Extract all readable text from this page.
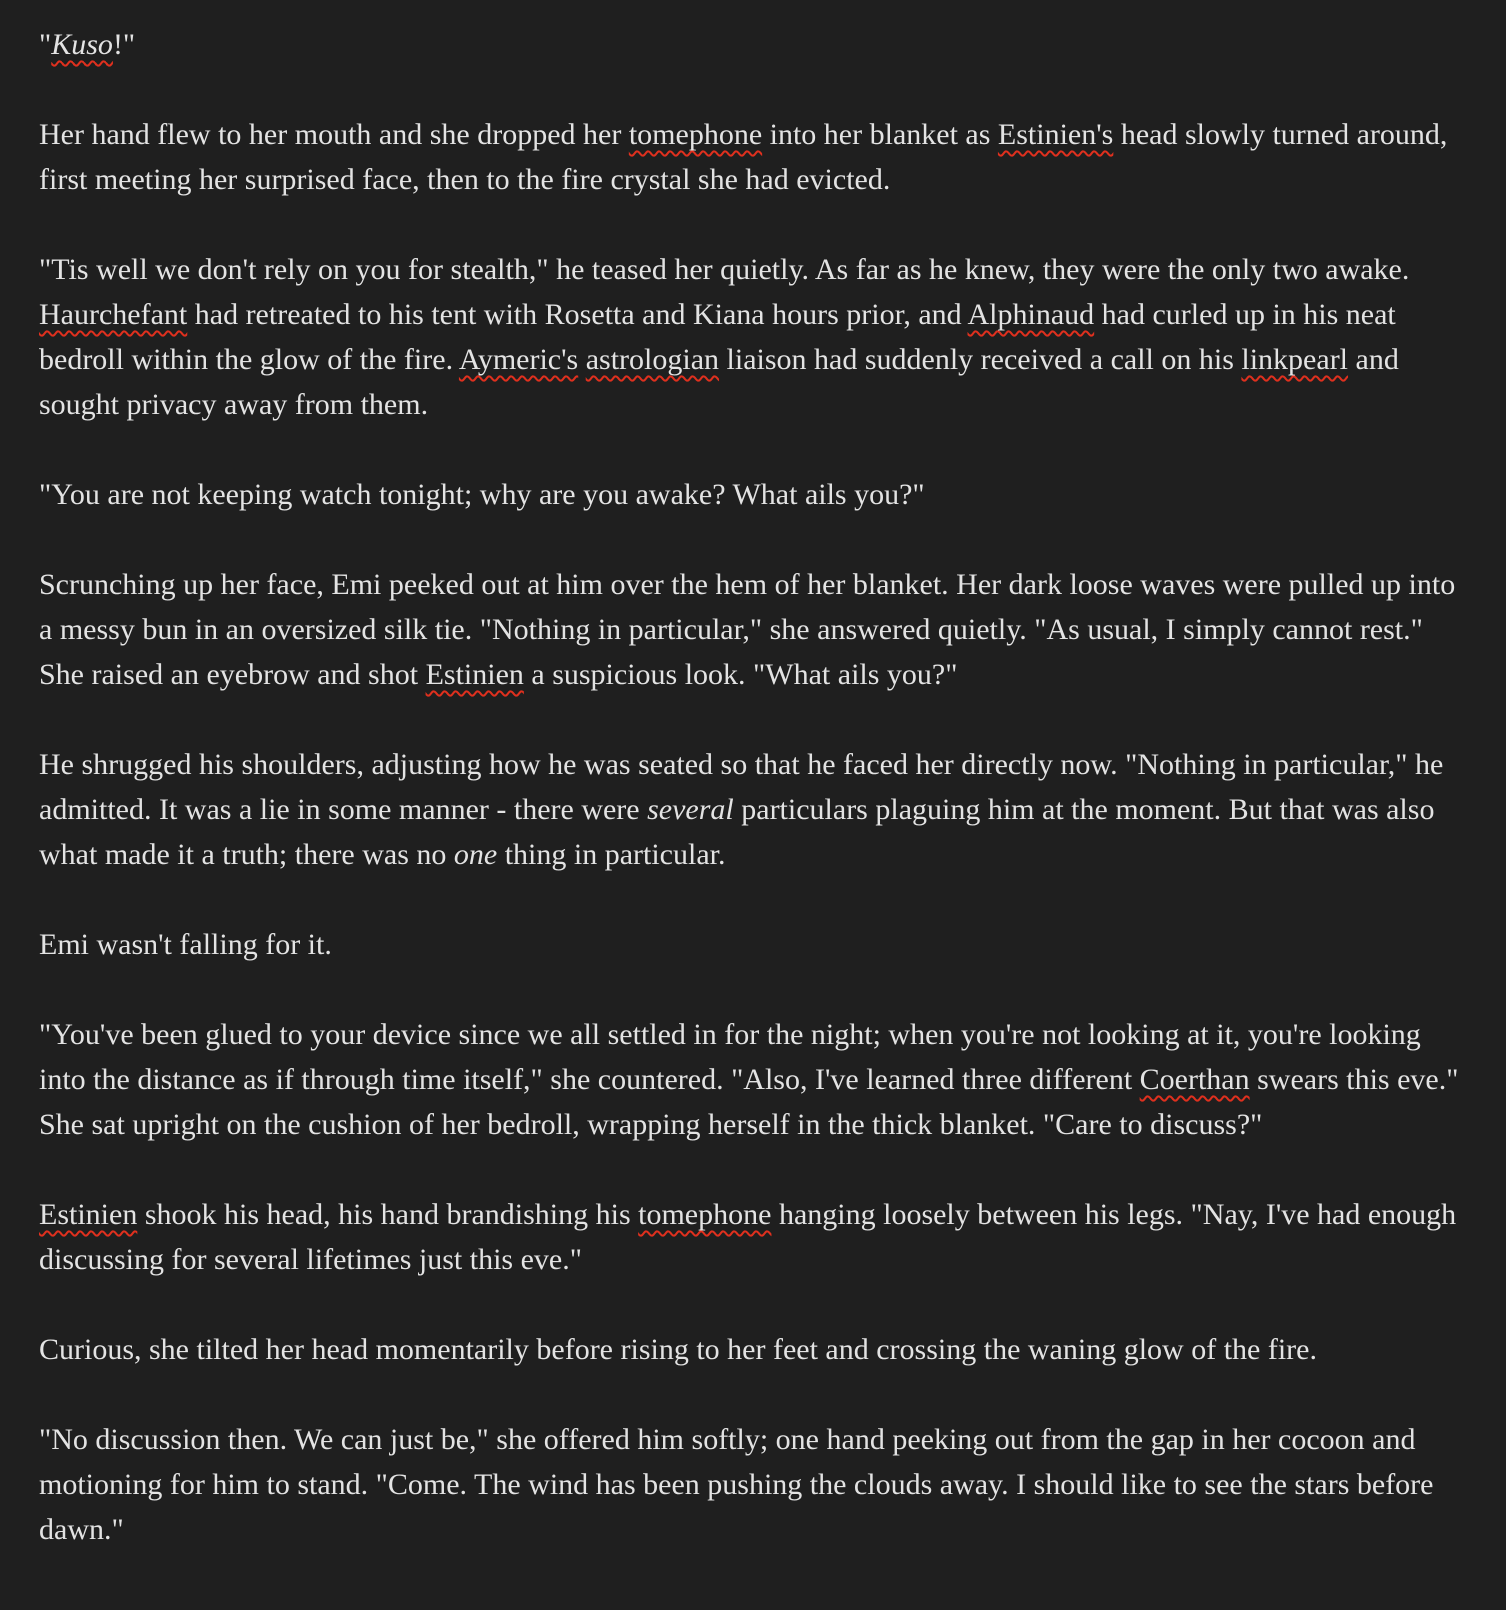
"Kuso!"

Her hand flew to her mouth and she dropped her tomephone into her blanket as Estinien's head slowly turned around, first meeting her surprised face, then to the fire crystal she had evicted.

"Tis well we don't rely on you for stealth," he teased her quietly. As far as he knew, they were the only two awake. Haurchefant had retreated to his tent with Rosetta and Kiana hours prior, and Alphinaud had curled up in his neat bedroll within the glow of the fire. Aymeric's astrologian liaison had suddenly received a call on his linkpearl and sought privacy away from them.

"You are not keeping watch tonight; why are you awake? What ails you?"

Scrunching up her face, Emi peeked out at him over the hem of her blanket. Her dark loose waves were pulled up into a messy bun in an oversized silk tie. "Nothing in particular," she answered quietly. "As usual, I simply cannot rest." She raised an eyebrow and shot Estinien a suspicious look. "What ails you?"

He shrugged his shoulders, adjusting how he was seated so that he faced her directly now. "Nothing in particular," he admitted. It was a lie in some manner - there were several particulars plaguing him at the moment. But that was also what made it a truth; there was no one thing in particular.

Emi wasn't falling for it.

"You've been glued to your device since we all settled in for the night; when you're not looking at it, you're looking into the distance as if through time itself," she countered. "Also, I've learned three different Coerthan swears this eve." She sat upright on the cushion of her bedroll, wrapping herself in the thick blanket. "Care to discuss?"

Estinien shook his head, his hand brandishing his tomephone hanging loosely between his legs. "Nay, I've had enough discussing for several lifetimes just this eve."

Curious, she tilted her head momentarily before rising to her feet and crossing the waning glow of the fire.

"No discussion then. We can just be," she offered him softly; one hand peeking out from the gap in her cocoon and motioning for him to stand. "Come. The wind has been pushing the clouds away. I should like to see the stars before dawn."
